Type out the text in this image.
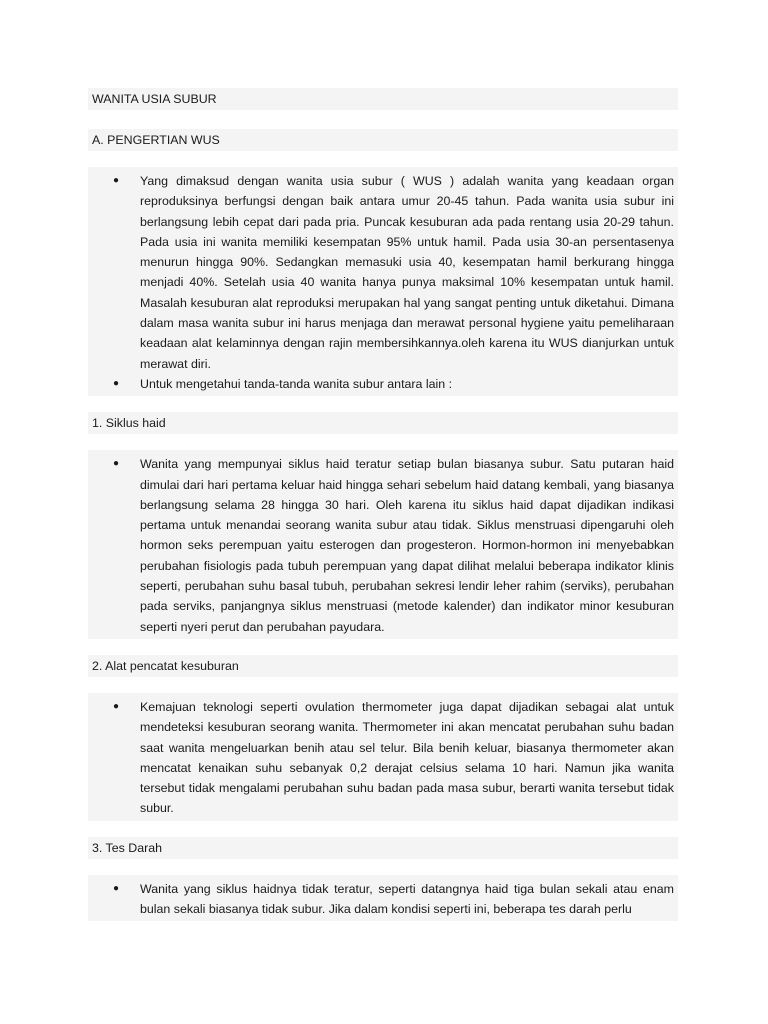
WANITA USIA SUBUR
A. PENGERTIAN WUS
●	Yang dimaksud dengan wanita usia subur ( WUS ) adalah wanita yang keadaan organ reproduksinya berfungsi dengan baik antara umur 20-45 tahun. Pada wanita usia subur ini berlangsung lebih cepat dari pada pria. Puncak kesuburan ada pada rentang usia 20-29 tahun. Pada usia ini wanita memiliki kesempatan 95% untuk hamil. Pada usia 30-an persentasenya menurun hingga 90%. Sedangkan memasuki usia 40, kesempatan hamil berkurang hingga menjadi 40%. Setelah usia 40 wanita hanya punya maksimal 10% kesempatan untuk hamil. Masalah kesuburan alat reproduksi merupakan hal yang sangat penting untuk diketahui. Dimana dalam masa wanita subur ini harus menjaga dan merawat personal hygiene yaitu pemeliharaan keadaan alat kelaminnya dengan rajin membersihkannya.oleh karena itu WUS dianjurkan untuk merawat diri.
●	Untuk mengetahui tanda-tanda wanita subur antara lain :
1. Siklus haid
●	Wanita yang mempunyai siklus haid teratur setiap bulan biasanya subur. Satu putaran haid dimulai dari hari pertama keluar haid hingga sehari sebelum haid datang kembali, yang biasanya berlangsung selama 28 hingga 30 hari. Oleh karena itu siklus haid dapat dijadikan indikasi pertama untuk menandai seorang wanita subur atau tidak. Siklus menstruasi dipengaruhi oleh hormon seks perempuan yaitu esterogen dan progesteron. Hormon-hormon ini menyebabkan perubahan fisiologis pada tubuh perempuan yang dapat dilihat melalui beberapa indikator klinis seperti, perubahan suhu basal tubuh, perubahan sekresi lendir leher rahim (serviks), perubahan pada serviks, panjangnya siklus menstruasi (metode kalender) dan indikator minor kesuburan seperti nyeri perut dan perubahan payudara.
2. Alat pencatat kesuburan
●	Kemajuan teknologi seperti ovulation thermometer juga dapat dijadikan sebagai alat untuk mendeteksi kesuburan seorang wanita. Thermometer ini akan mencatat perubahan suhu badan saat wanita mengeluarkan benih atau sel telur. Bila benih keluar, biasanya thermometer akan mencatat kenaikan suhu sebanyak 0,2 derajat celsius selama 10 hari. Namun jika wanita tersebut tidak mengalami perubahan suhu badan pada masa subur, berarti wanita tersebut tidak subur.
3. Tes Darah
●	Wanita yang siklus haidnya tidak teratur, seperti datangnya haid tiga bulan sekali atau enam bulan sekali biasanya tidak subur. Jika dalam kondisi seperti ini, beberapa tes darah perlu
